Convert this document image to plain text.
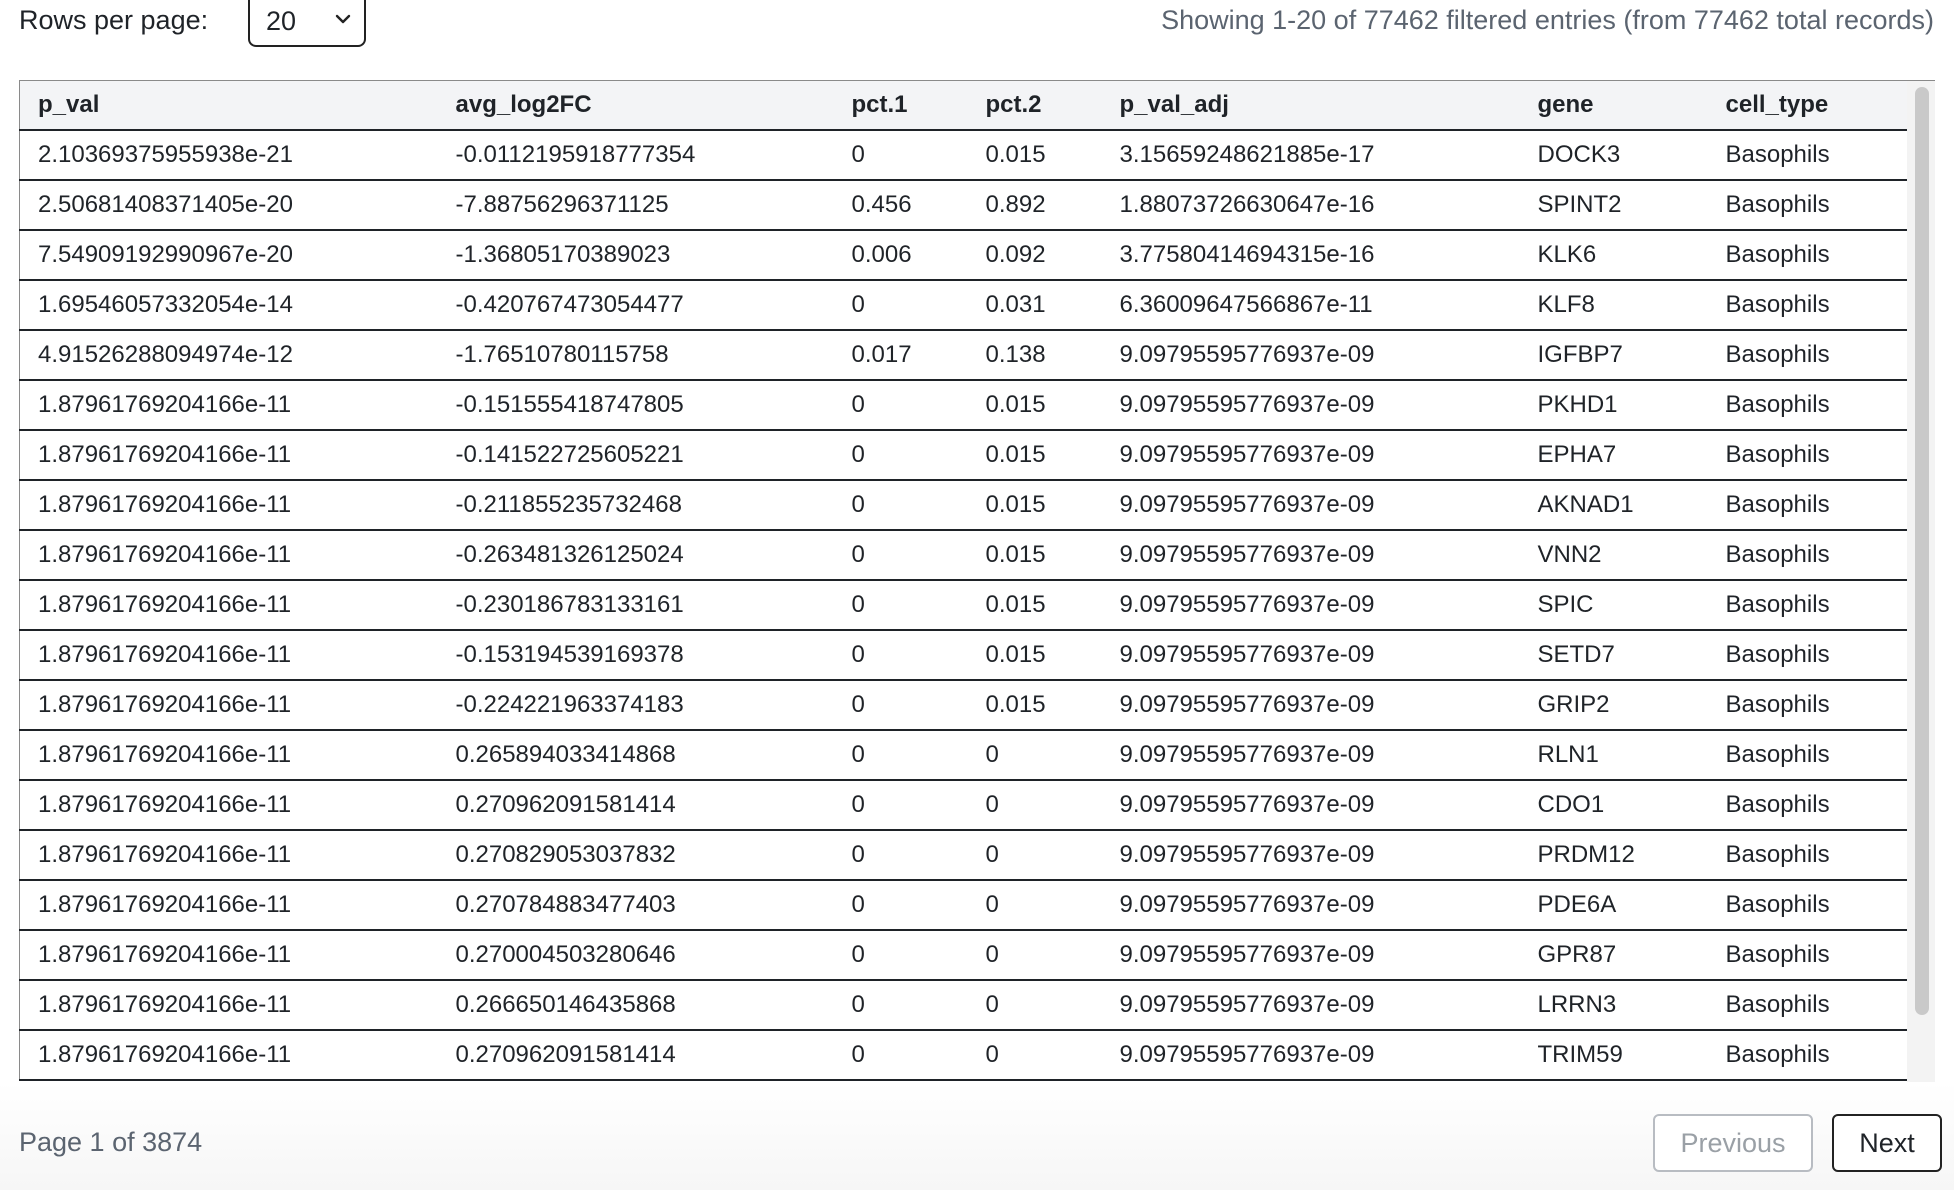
Rows per page: 20	Showing 1-20 of 77462 filtered entries (from 77462 total records)
p_val	avg_log2FC	pct.1	pct.2	p_val_adj	gene	cell_type
2.10369375955938e-21	-0.0112195918777354	0	0.015	3.15659248621885e-17	DOCK3	Basophils
2.50681408371405e-20	-7.88756296371125	0.456	0.892	1.88073726630647e-16	SPINT2	Basophils
7.54909192990967e-20	-1.36805170389023	0.006	0.092	3.77580414694315e-16	KLK6	Basophils
1.69546057332054e-14	-0.420767473054477	0	0.031	6.36009647566867e-11	KLF8	Basophils
4.91526288094974e-12	-1.76510780115758	0.017	0.138	9.09795595776937e-09	IGFBP7	Basophils
1.87961769204166e-11	-0.151555418747805	0	0.015	9.09795595776937e-09	PKHD1	Basophils
1.87961769204166e-11	-0.141522725605221	0	0.015	9.09795595776937e-09	EPHA7	Basophils
1.87961769204166e-11	-0.211855235732468	0	0.015	9.09795595776937e-09	AKNAD1	Basophils
1.87961769204166e-11	-0.263481326125024	0	0.015	9.09795595776937e-09	VNN2	Basophils
1.87961769204166e-11	-0.230186783133161	0	0.015	9.09795595776937e-09	SPIC	Basophils
1.87961769204166e-11	-0.153194539169378	0	0.015	9.09795595776937e-09	SETD7	Basophils
1.87961769204166e-11	-0.224221963374183	0	0.015	9.09795595776937e-09	GRIP2	Basophils
1.87961769204166e-11	0.265894033414868	0	0	9.09795595776937e-09	RLN1	Basophils
1.87961769204166e-11	0.270962091581414	0	0	9.09795595776937e-09	CDO1	Basophils
1.87961769204166e-11	0.270829053037832	0	0	9.09795595776937e-09	PRDM12	Basophils
1.87961769204166e-11	0.270784883477403	0	0	9.09795595776937e-09	PDE6A	Basophils
1.87961769204166e-11	0.270004503280646	0	0	9.09795595776937e-09	GPR87	Basophils
1.87961769204166e-11	0.266650146435868	0	0	9.09795595776937e-09	LRRN3	Basophils
1.87961769204166e-11	0.270962091581414	0	0	9.09795595776937e-09	TRIM59	Basophils
Page 1 of 3874	Previous	Next
